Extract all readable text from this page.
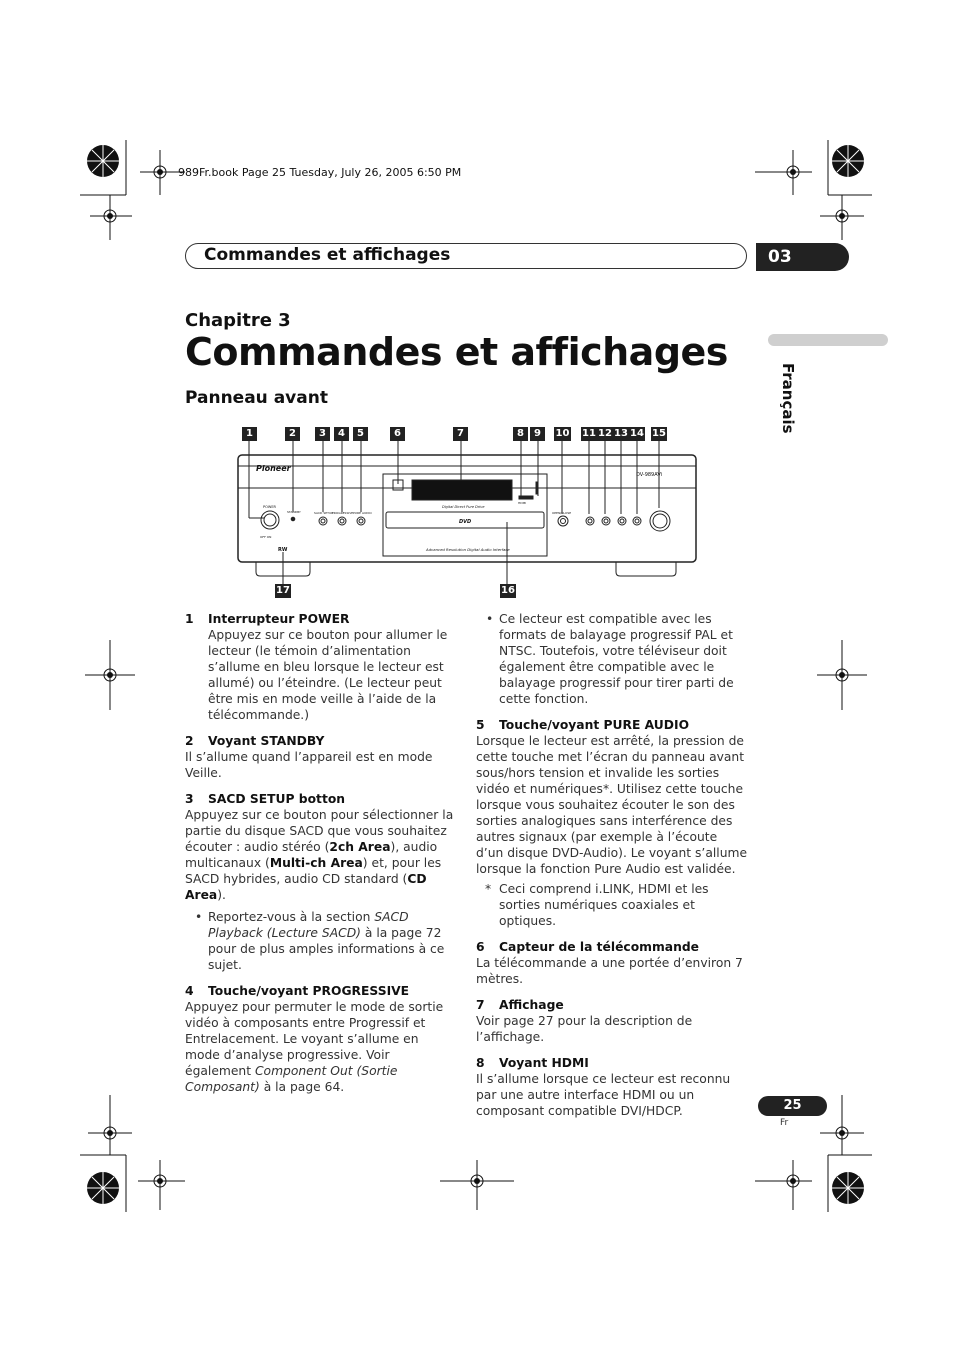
989Fr.book Page 25 Tuesday, July 26, 2005 6:50 PM
Commandes et affichages	03
Chapitre 3
Commandes et affichages
Panneau avant	Français
1	2	3	4	5	6	7	8	9	10 11 12 13 14 15
17	16
Pioneer
DV-989AVi
POWER
STANDBY	SACD SETUP PROGRESSIVE PURE AUDIO
HDMI
OPEN/CLOSE
OFF ON
Digital Direct Pure Drive
DVD
Advanced Resolution Digital Audio Interface
RW

1 Interrupteur POWER

Appuyez sur ce bouton pour allumer le lecteur (le témoin d’alimentation s’allume en bleu lorsque le lecteur est allumé) ou l’éteindre. (Le lecteur peut être mis en mode veille à l’aide de la télécommande.)

2 Voyant STANDBY

Il s’allume quand l’appareil est en mode Veille.

3 SACD SETUP botton

Appuyez sur ce bouton pour sélectionner la partie du disque SACD que vous souhaitez écouter : audio stéréo (2ch Area), audio multicanaux (Multi-ch Area) et, pour les SACD hybrides, audio CD standard (CD Area).

• Reportez-vous à la section SACD Playback (Lecture SACD) à la page 72 pour de plus amples informations à ce sujet.

4 Touche/voyant PROGRESSIVE

Appuyez pour permuter le mode de sortie vidéo à composants entre Progressif et Entrelacement. Le voyant s’allume en mode d’analyse progressive. Voir également Component Out (Sortie Composant) à la page 64.

• Ce lecteur est compatible avec les formats de balayage progressif PAL et NTSC. Toutefois, votre téléviseur doit également être compatible avec le balayage progressif pour tirer parti de cette fonction.

5 Touche/voyant PURE AUDIO

Lorsque le lecteur est arrêté, la pression de cette touche met l’écran du panneau avant sous/hors tension et invalide les sorties vidéo et numériques*. Utilisez cette touche lorsque vous souhaitez écouter le son des sorties analogiques sans interférence des autres signaux (par exemple à l’écoute d’un disque DVD-Audio). Le voyant s’allume lorsque la fonction Pure Audio est validée.

* Ceci comprend i.LINK, HDMI et les sorties numériques coaxiales et optiques.

6 Capteur de la télécommande

La télécommande a une portée d’environ 7 mètres.

7 Affichage

Voir page 27 pour la description de l’affichage.

8 Voyant HDMI

Il s’allume lorsque ce lecteur est reconnu par une autre interface HDMI ou un composant compatible DVI/HDCP.	25
Fr
